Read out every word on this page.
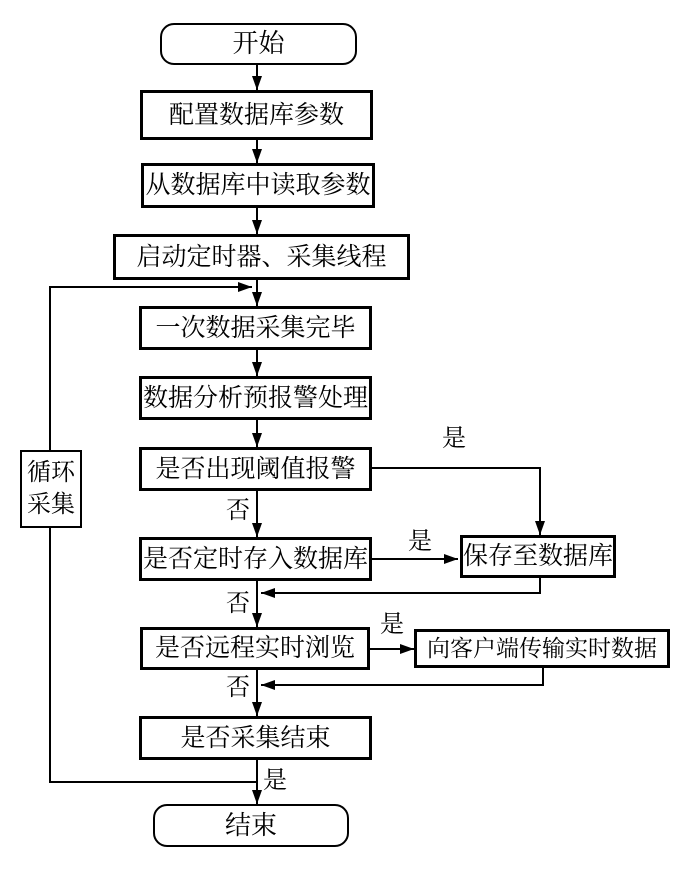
开始
配置数据库参数
从数据库中读取参数
启动定时器、采集线程
一次数据采集完毕
数据分析预报警处理
是否出现阈值报警
是否定时存入数据库	保存至数据库
是否远程实时浏览	向客户端传输实时数据
是否采集结束
结束
循环
采集
是
否
是
否
是
否
是
